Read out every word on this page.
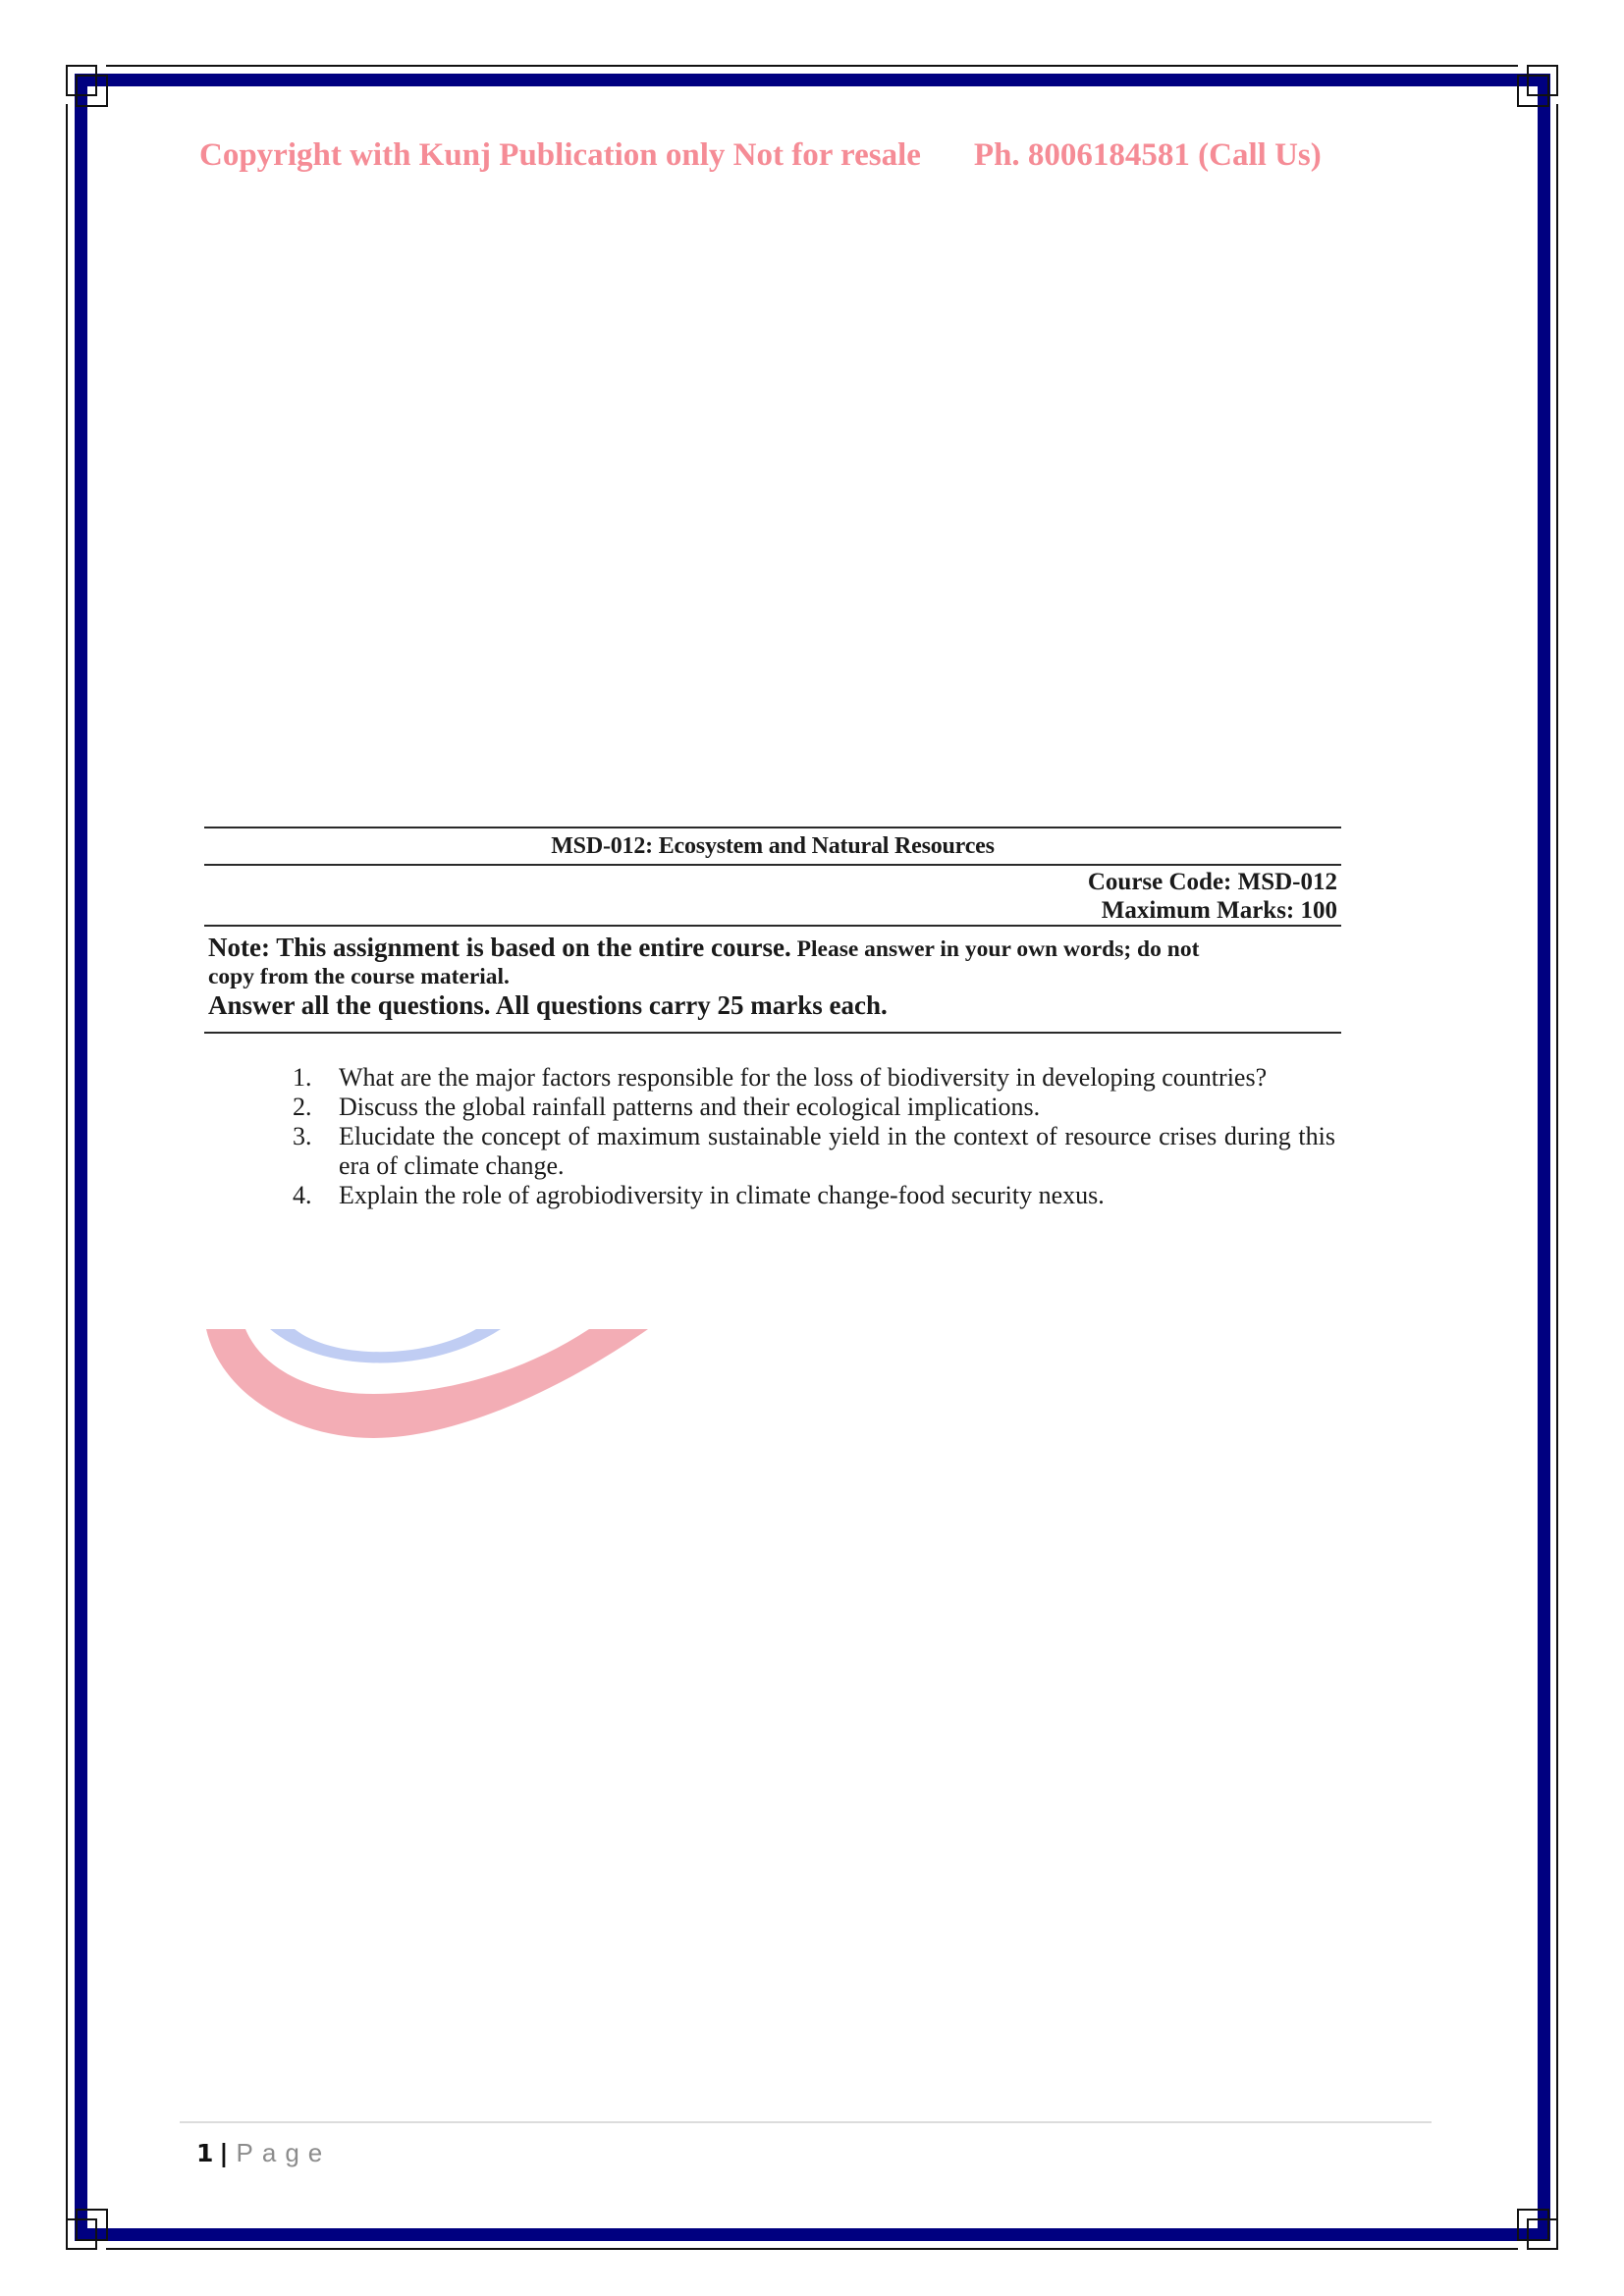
Copyright with Kunj Publication only Not for resale Ph. 8006184581 (Call Us)
MSD-012: Ecosystem and Natural Resources
Course Code: MSD-012
Maximum Marks: 100
Note: This assignment is based on the entire course. Please answer in your own words; do not
copy from the course material.
Answer all the questions. All questions carry 25 marks each.
1. What are the major factors responsible for the loss of biodiversity in developing countries?
2. Discuss the global rainfall patterns and their ecological implications.
3. Elucidate the concept of maximum sustainable yield in the context of resource crises during this era of climate change.
4. Explain the role of agrobiodiversity in climate change-food security nexus.
1 | Page
